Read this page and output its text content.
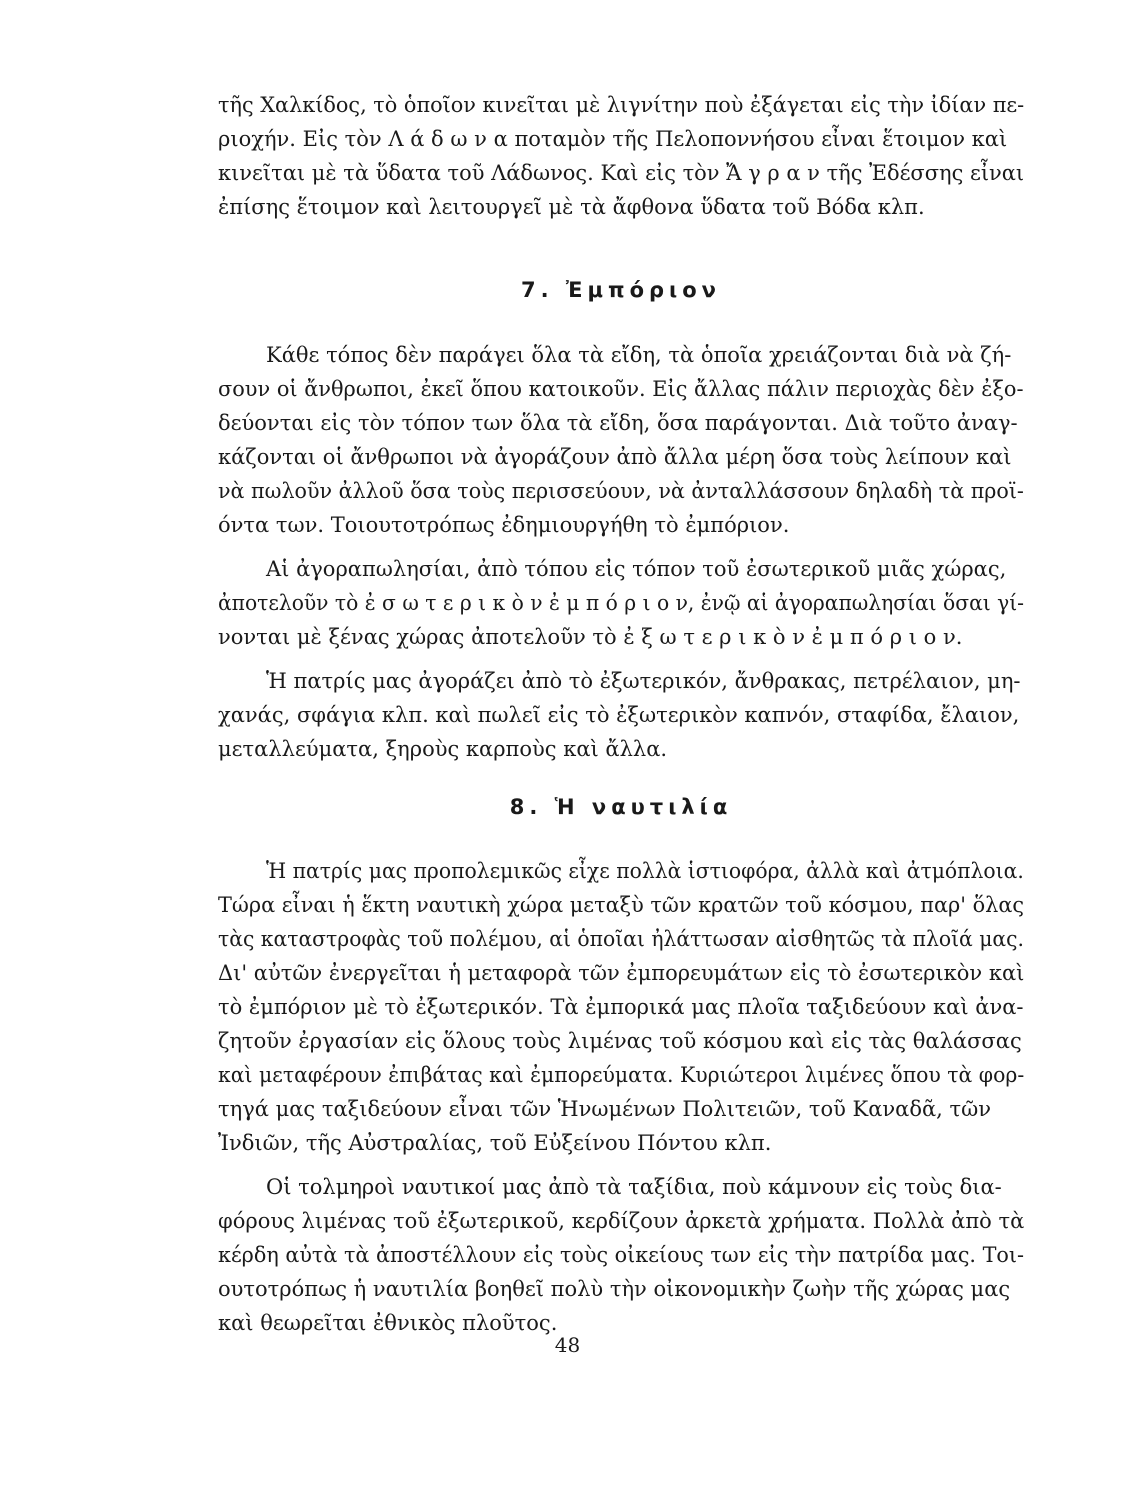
τῆς Χαλκίδος, τὸ ὁποῖον κινεῖται μὲ λιγνίτην ποὺ ἐξάγεται εἰς τὴν ἰδίαν πε-
ριοχήν. Εἰς τὸν Λ ά δ ω ν α ποταμὸν τῆς Πελοποννήσου εἶναι ἕτοιμον καὶ
κινεῖται μὲ τὰ ὕδατα τοῦ Λάδωνος. Καὶ εἰς τὸν Ἄ γ ρ α ν τῆς Ἐδέσσης εἶναι
ἐπίσης ἕτοιμον καὶ λειτουργεῖ μὲ τὰ ἄφθονα ὕδατα τοῦ Βόδα κλπ.
7. Ἐμπόριον
Κάθε τόπος δὲν παράγει ὅλα τὰ εἴδη, τὰ ὁποῖα χρειάζονται διὰ νὰ ζή-
σουν οἱ ἄνθρωποι, ἐκεῖ ὅπου κατοικοῦν. Εἰς ἄλλας πάλιν περιοχὰς δὲν ἐξο-
δεύονται εἰς τὸν τόπον των ὅλα τὰ εἴδη, ὅσα παράγονται. Διὰ τοῦτο ἀναγ-
κάζονται οἱ ἄνθρωποι νὰ ἀγοράζουν ἀπὸ ἄλλα μέρη ὅσα τοὺς λείπουν καὶ
νὰ πωλοῦν ἀλλοῦ ὅσα τοὺς περισσεύουν, νὰ ἀνταλλάσσουν δηλαδὴ τὰ προϊ-
όντα των. Τοιουτοτρόπως ἐδημιουργήθη τὸ ἐμπόριον.
Αἱ ἀγοραπωλησίαι, ἀπὸ τόπου εἰς τόπον τοῦ ἐσωτερικοῦ μιᾶς χώρας,
ἀποτελοῦν τὸ ἐ σ ω τ ε ρ ι κ ὸ ν ἐ μ π ό ρ ι ο ν, ἐνῷ αἱ ἀγοραπωλησίαι ὅσαι γί-
νονται μὲ ξένας χώρας ἀποτελοῦν τὸ ἐ ξ ω τ ε ρ ι κ ὸ ν ἐ μ π ό ρ ι ο ν.
Ἡ πατρίς μας ἀγοράζει ἀπὸ τὸ ἐξωτερικόν, ἄνθρακας, πετρέλαιον, μη-
χανάς, σφάγια κλπ. καὶ πωλεῖ εἰς τὸ ἐξωτερικὸν καπνόν, σταφίδα, ἔλαιον,
μεταλλεύματα, ξηροὺς καρποὺς καὶ ἄλλα.
8. Ἡ ναυτιλία
Ἡ πατρίς μας προπολεμικῶς εἶχε πολλὰ ἱστιοφόρα, ἀλλὰ καὶ ἀτμόπλοια.
Τώρα εἶναι ἡ ἕκτη ναυτικὴ χώρα μεταξὺ τῶν κρατῶν τοῦ κόσμου, παρ' ὅλας
τὰς καταστροφὰς τοῦ πολέμου, αἱ ὁποῖαι ἠλάττωσαν αἰσθητῶς τὰ πλοῖά μας.
Δι' αὐτῶν ἐνεργεῖται ἡ μεταφορὰ τῶν ἐμπορευμάτων εἰς τὸ ἐσωτερικὸν καὶ
τὸ ἐμπόριον μὲ τὸ ἐξωτερικόν. Τὰ ἐμπορικά μας πλοῖα ταξιδεύουν καὶ ἀνα-
ζητοῦν ἐργασίαν εἰς ὅλους τοὺς λιμένας τοῦ κόσμου καὶ εἰς τὰς θαλάσσας
καὶ μεταφέρουν ἐπιβάτας καὶ ἐμπορεύματα. Κυριώτεροι λιμένες ὅπου τὰ φορ-
τηγά μας ταξιδεύουν εἶναι τῶν Ἡνωμένων Πολιτειῶν, τοῦ Καναδᾶ, τῶν
Ἰνδιῶν, τῆς Αὐστραλίας, τοῦ Εὐξείνου Πόντου κλπ.
Οἱ τολμηροὶ ναυτικοί μας ἀπὸ τὰ ταξίδια, ποὺ κάμνουν εἰς τοὺς δια-
φόρους λιμένας τοῦ ἐξωτερικοῦ, κερδίζουν ἀρκετὰ χρήματα. Πολλὰ ἀπὸ τὰ
κέρδη αὐτὰ τὰ ἀποστέλλουν εἰς τοὺς οἰκείους των εἰς τὴν πατρίδα μας. Τοι-
ουτοτρόπως ἡ ναυτιλία βοηθεῖ πολὺ τὴν οἰκονομικὴν ζωὴν τῆς χώρας μας
καὶ θεωρεῖται ἐθνικὸς πλοῦτος.
48
